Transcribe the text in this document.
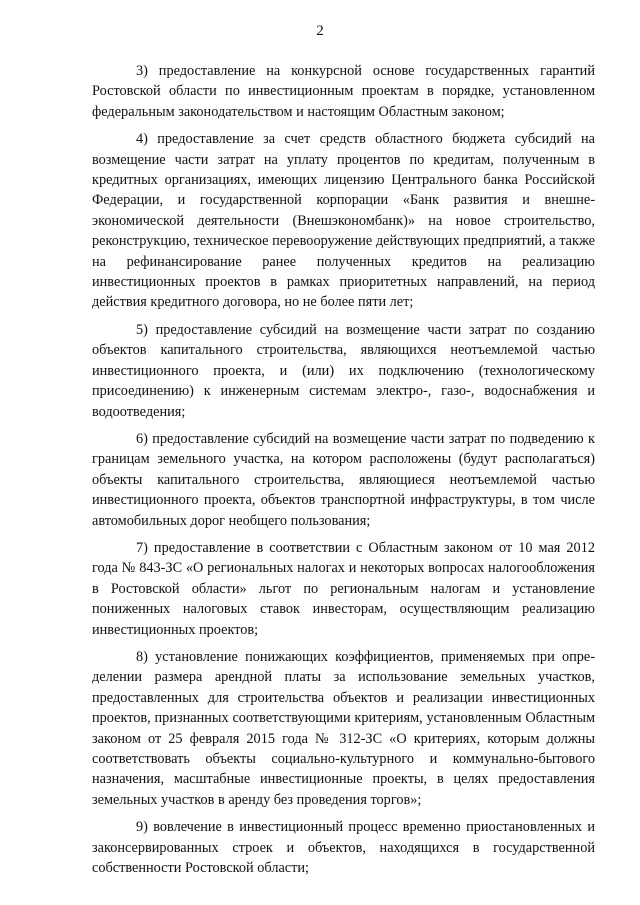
2

3) предоставление на конкурсной основе государственных гарантий Ростовской области по инвестиционным проектам в порядке, установленном федеральным законодательством и настоящим Областным законом;

4) предоставление за счет средств областного бюджета субсидий на возмещение части затрат на уплату процентов по кредитам, полученным в кредитных организациях, имеющих лицензию Центрального банка Российской Федерации, и государственной корпорации «Банк развития и внешнеэкономической деятельности (Внешэкономбанк)» на новое строительство, реконструкцию, техническое перевооружение действующих предприятий, а также на рефинансирование ранее полученных кредитов на реализацию инвестиционных проектов в рамках приоритетных направлений, на период действия кредитного договора, но не более пяти лет;

5) предоставление субсидий на возмещение части затрат по созданию объектов капитального строительства, являющихся неотъемлемой частью инвестиционного проекта, и (или) их подключению (технологическому присоединению) к инженерным системам электро-, газо-, водоснабжения и водоотведения;

6) предоставление субсидий на возмещение части затрат по подведению к границам земельного участка, на котором расположены (будут располагаться) объекты капитального строительства, являющиеся неотъемлемой частью инвестиционного проекта, объектов транспортной инфраструктуры, в том числе автомобильных дорог необщего пользования;

7) предоставление в соответствии с Областным законом от 10 мая 2012 года № 843-ЗС «О региональных налогах и некоторых вопросах налогообложения в Ростовской области» льгот по региональным налогам и установление пониженных налоговых ставок инвесторам, осуществляющим реализацию инвестиционных проектов;

8) установление понижающих коэффициентов, применяемых при определении размера арендной платы за использование земельных участков, предоставленных для строительства объектов и реализации инвестиционных проектов, признанных соответствующими критериям, установленным Областным законом от 25 февраля 2015 года № 312-ЗС «О критериях, которым должны соответствовать объекты социально-культурного и коммунально-бытового назначения, масштабные инвестиционные проекты, в целях предоставления земельных участков в аренду без проведения торгов»;

9) вовлечение в инвестиционный процесс временно приостановленных и законсервированных строек и объектов, находящихся в государственной собственности Ростовской области;
